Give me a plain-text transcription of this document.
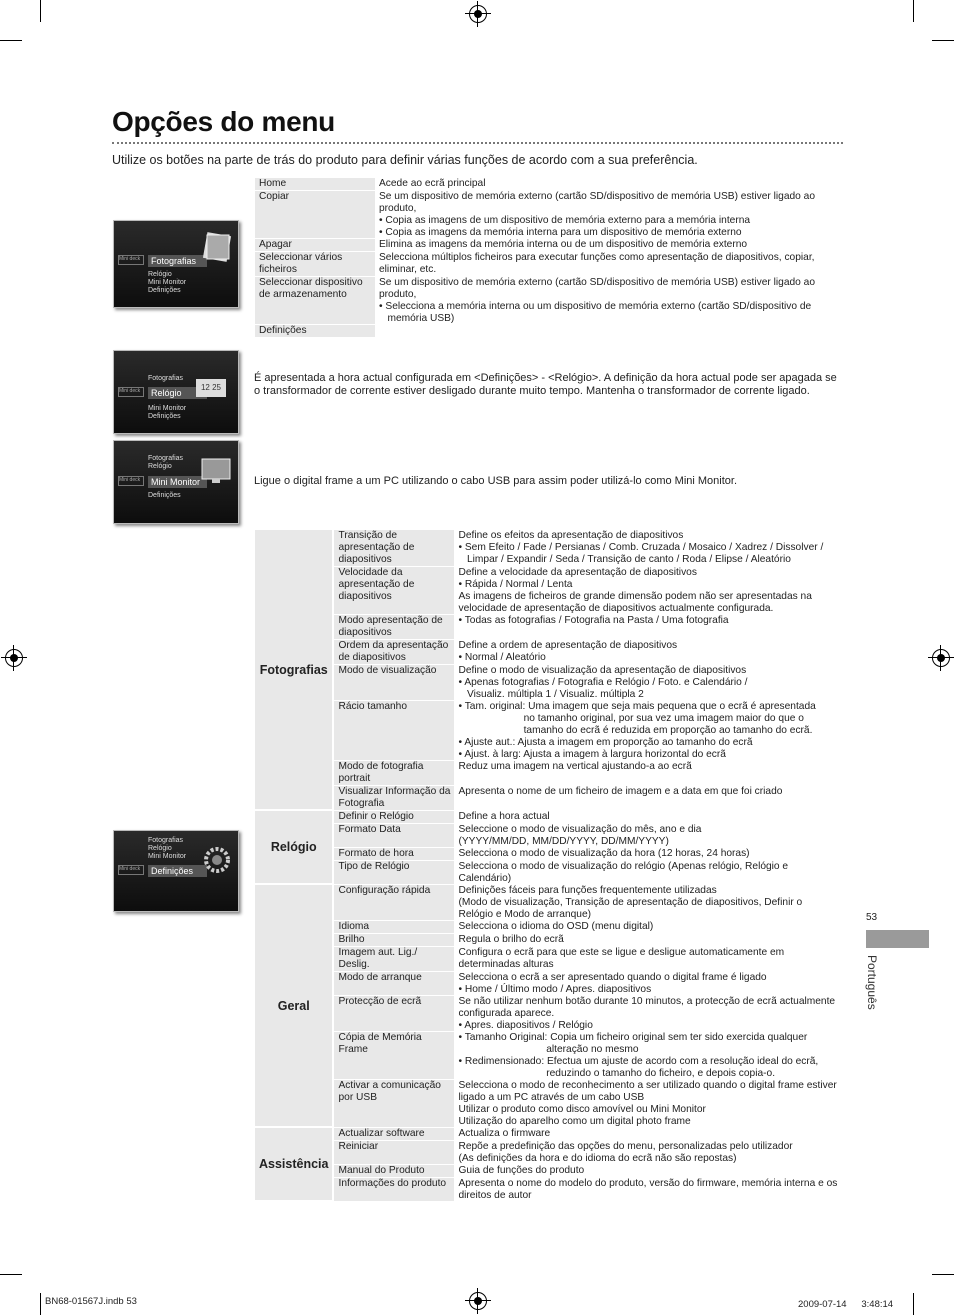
Opções do menu
Utilize os botões na parte de trás do produto para definir várias funções de acordo com a sua preferência.
Mini deck	Fotografias
Relógio
Mini Monitor
Definições
Home	Acede ao ecrã principal
Copiar	Se um dispositivo de memória externo (cartão SD/dispositivo de memória USB) estiver ligado ao produto,
• Copia as imagens de um dispositivo de memória externo para a memória interna
• Copia as imagens da memória interna para um dispositivo de memória externo
Apagar	Elimina as imagens da memória interna ou de um dispositivo de memória externo
Seleccionar vários ficheiros	Selecciona múltiplos ficheiros para executar funções como apresentação de diapositivos, copiar, eliminar, etc.
Seleccionar dispositivo de armazenamento	Se um dispositivo de memória externo (cartão SD/dispositivo de memória USB) estiver ligado ao produto,
• Selecciona a memória interna ou um dispositivo de memória externo (cartão SD/dispositivo de
memória USB)
Definições	
Fotografias
Mini deck	Relógio
Mini Monitor
Definições
12 25
É apresentada a hora actual configurada em <Definições> - <Relógio>. A definição da hora actual pode ser apagada se o transformador de corrente estiver desligado durante muito tempo. Mantenha o transformador de corrente ligado.
Fotografias
Relógio
Mini deck	Mini Monitor
Definições
Ligue o digital frame a um PC utilizando o cabo USB para assim poder utilizá-lo como Mini Monitor.
Fotografias
Relógio
Mini Monitor
Mini deck	Definições
Fotografias	Transição de apresentação de diapositivos	Define os efeitos da apresentação de diapositivos
• Sem Efeito / Fade / Persianas / Comb. Cruzada / Mosaico / Xadrez / Dissolver /
Limpar / Expandir / Seda / Transição de canto / Roda / Elipse / Aleatório
	Velocidade da apresentação de diapositivos	Define a velocidade da apresentação de diapositivos
• Rápida / Normal / Lenta
As imagens de ficheiros de grande dimensão podem não ser apresentadas na velocidade de apresentação de diapositivos actualmente configurada.
	Modo apresentação de diapositivos	• Todas as fotografias / Fotografia na Pasta / Uma fotografia
	Ordem da apresentação de diapositivos	Define a ordem de apresentação de diapositivos
• Normal / Aleatório
	Modo de visualização	Define o modo de visualização da apresentação de diapositivos
• Apenas fotografias / Fotografia e Relógio / Foto. e Calendário /
Visualiz. múltipla 1 / Visualiz. múltipla 2
	Rácio tamanho	• Tam. original: Uma imagem que seja mais pequena que o ecrã é apresentada
no tamanho original, por sua vez uma imagem maior do que o
tamanho do ecrã é reduzida em proporção ao tamanho do ecrã.
• Ajuste aut.: Ajusta a imagem em proporção ao tamanho do ecrã
• Ajust. à larg: Ajusta a imagem à largura horizontal do ecrã
	Modo de fotografia portrait	Reduz uma imagem na vertical ajustando-a ao ecrã
	Visualizar Informação da Fotografia	Apresenta o nome de um ficheiro de imagem e a data em que foi criado
Relógio	Definir o Relógio	Define a hora actual
	Formato Data	Seleccione o modo de visualização do mês, ano e dia
(YYYY/MM/DD, MM/DD/YYYY, DD/MM/YYYY)
	Formato de hora	Selecciona o modo de visualização da hora (12 horas, 24 horas)
	Tipo de Relógio	Selecciona o modo de visualização do relógio (Apenas relógio, Relógio e Calendário)
Geral	Configuração rápida	Definições fáceis para funções frequentemente utilizadas
(Modo de visualização, Transição de apresentação de diapositivos, Definir o Relógio e Modo de arranque)
	Idioma	Selecciona o idioma do OSD (menu digital)
	Brilho	Regula o brilho do ecrã
	Imagem aut. Lig./ Deslig.	Configura o ecrã para que este se ligue e desligue automaticamente em determinadas alturas
	Modo de arranque	Selecciona o ecrã a ser apresentado quando o digital frame é ligado
• Home / Último modo / Apres. diapositivos
	Protecção de ecrã	Se não utilizar nenhum botão durante 10 minutos, a protecção de ecrã actualmente configurada aparece.
• Apres. diapositivos / Relógio
	Cópia de Memória Frame	• Tamanho Original: Copia um ficheiro original sem ter sido exercida qualquer
alteração no mesmo
• Redimensionado: Efectua um ajuste de acordo com a resolução ideal do ecrã,
reduzindo o tamanho do ficheiro, e depois copia-o.
	Activar a comunicação por USB	Selecciona o modo de reconhecimento a ser utilizado quando o digital frame estiver ligado a um PC através de um cabo USB
Utilizar o produto como disco amovível ou Mini Monitor
Utilização do aparelho como um digital photo frame
Assistência	Actualizar software	Actualiza o firmware
	Reiniciar	Repõe a predefinição das opções do menu, personalizadas pelo utilizador
(As definições da hora e do idioma do ecrã não são repostas)
	Manual do Produto	Guia de funções do produto
	Informações do produto	Apresenta o nome do modelo do produto, versão do firmware, memória interna e os direitos de autor
53
Português
BN68-01567J.indb 53	2009-07-14 　 3:48:14
